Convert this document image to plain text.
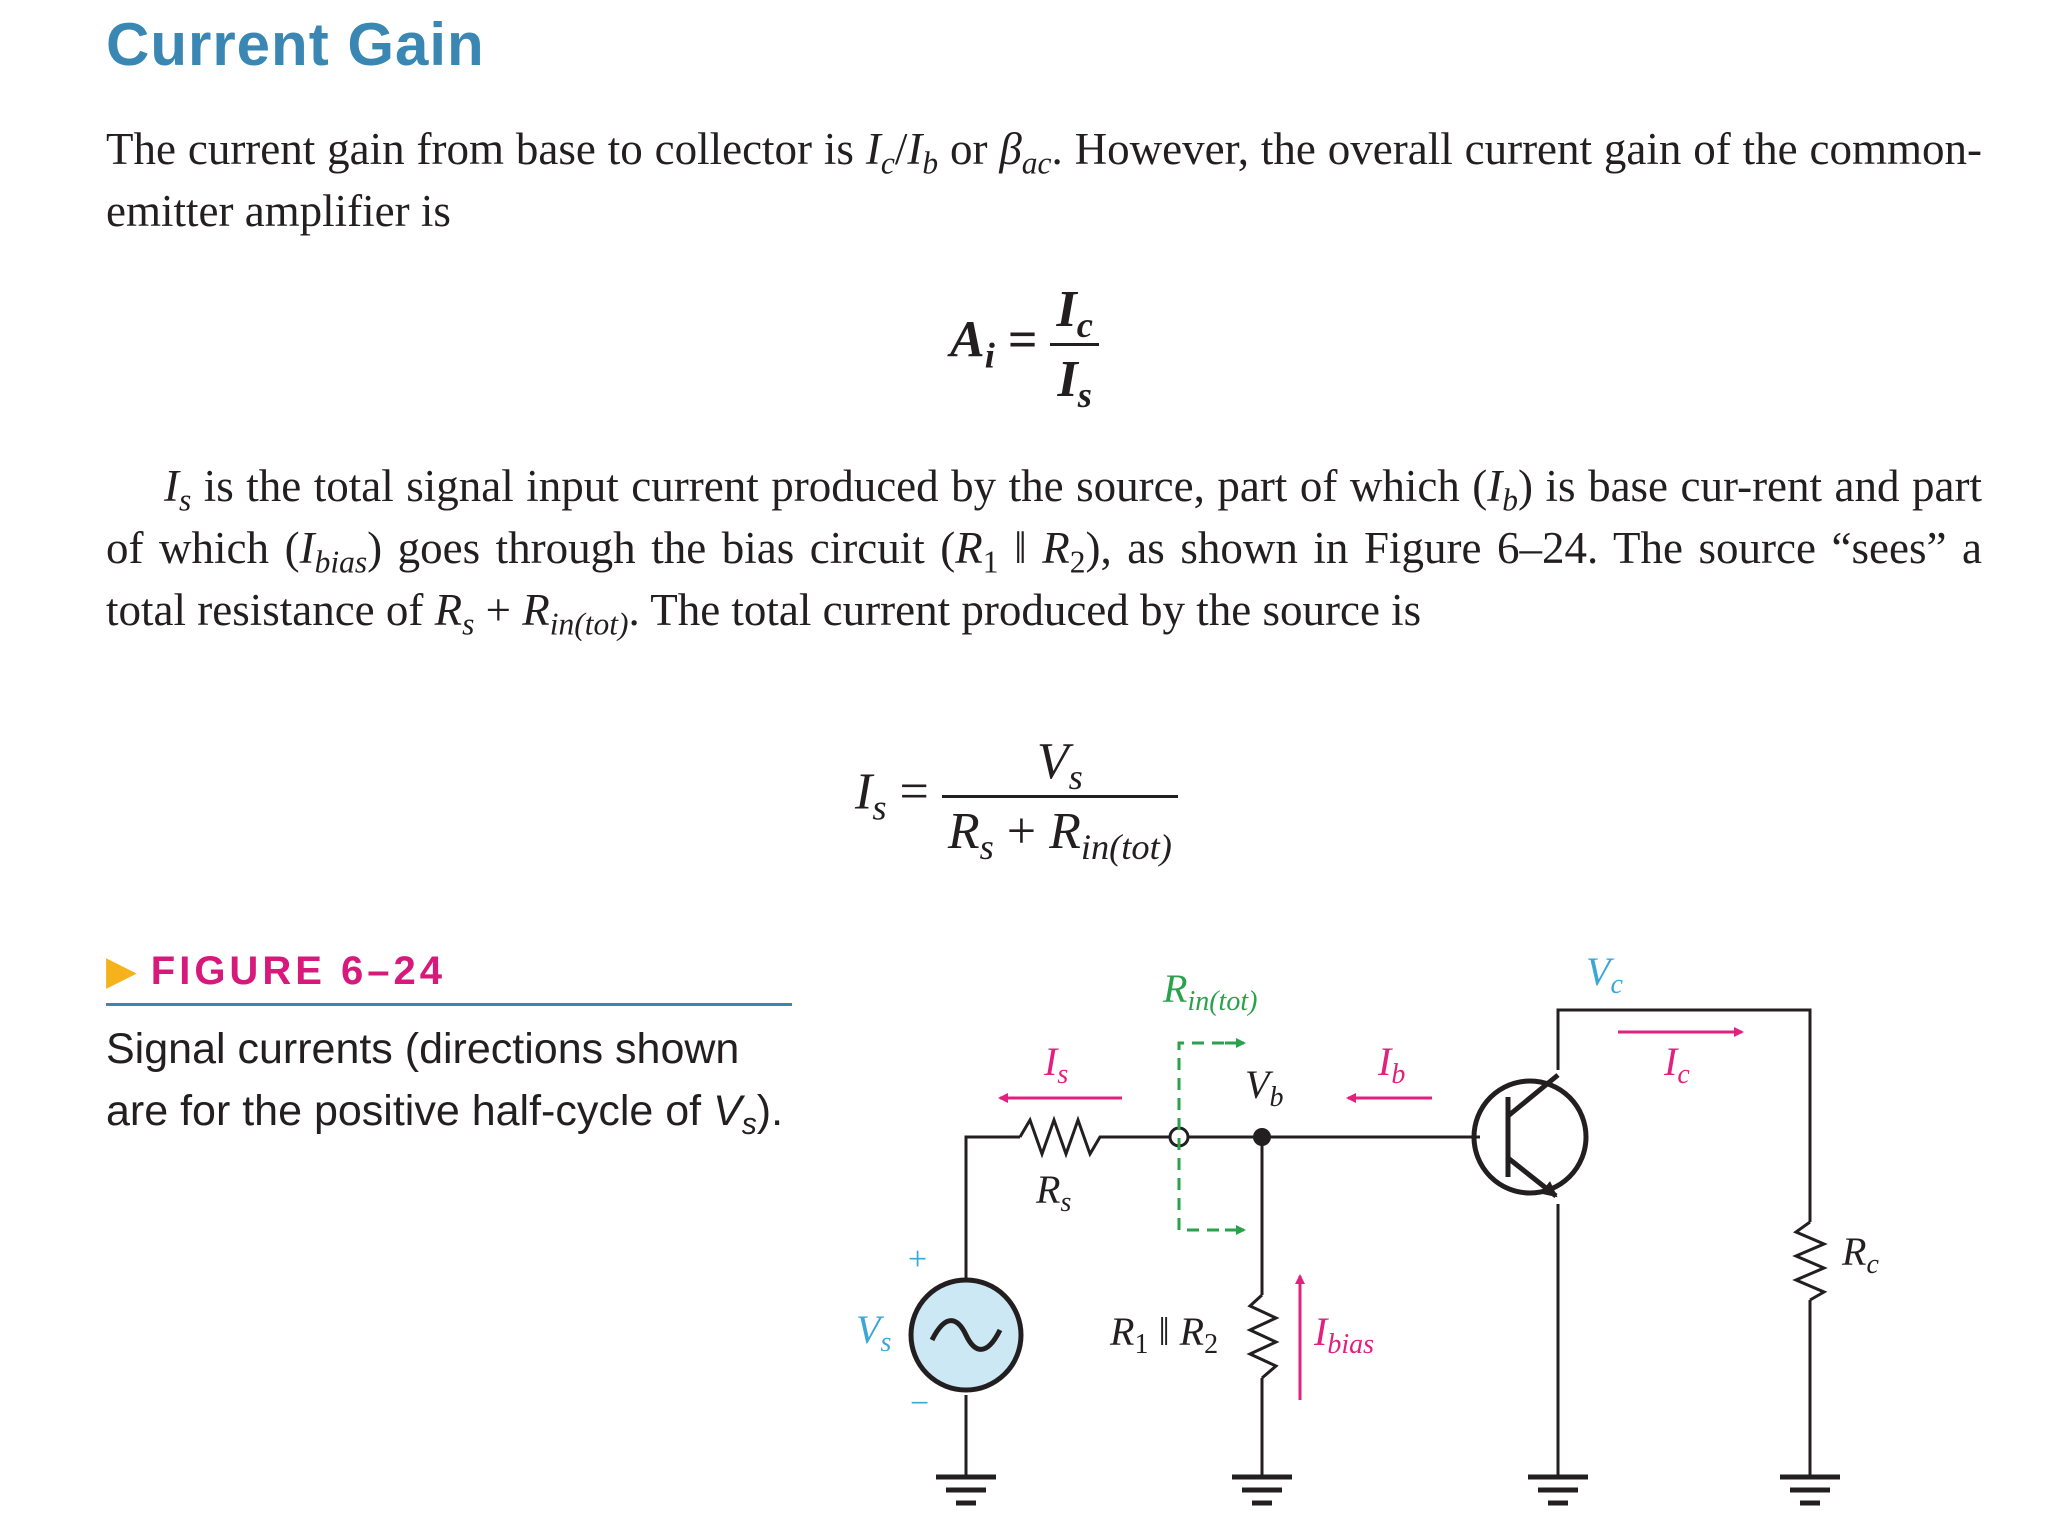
Current Gain
The current gain from base to collector is $I_c/I_b$ or $\beta_{ac}$. However, the overall current gain of the common-emitter amplifier is
$A_i = \frac{I_c}{I_s}$
$I_s$ is the total signal input current produced by the source, part of which $(I_b)$ is base cur-rent and part of which $(I_{bias})$ goes through the bias circuit ($R_1$ ‖ $R_2$), as shown in Figure 6–24. The source “sees” a total resistance of $R_s + R_{in(tot)}$. The total current produced by the source is
$I_s = \frac{V_s}{R_s + R_{in(tot)}}$
▶ FIGURE 6–24
Signal currents (directions shown are for the positive half-cycle of $V_s$).
$R_{in(tot)}$
$I_s$	$V_b$
$I_b$
$V_c$
$I_c$
$R_s$
$R_c$
$V_s$
+
−
$R_1$ ‖ $R_2$ $I_{bias}$
